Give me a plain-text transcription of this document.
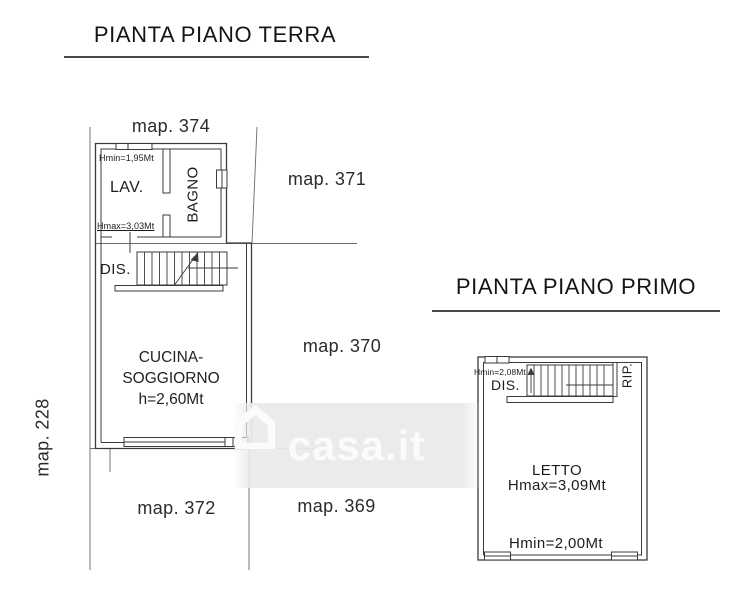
casa.it
PIANTA PIANO TERRA
PIANTA PIANO PRIMO
map. 374
map. 371
map. 370
map. 372	map. 369
map. 228
Hmin=1,95Mt
LAV.
Hmax=3,03Mt
BAGNO
DIS.
CUCINA-
SOGGIORNO
h=2,60Mt
Hmin=2,08Mt
DIS.	RIP.
LETTO
Hmax=3,09Mt
Hmin=2,00Mt
